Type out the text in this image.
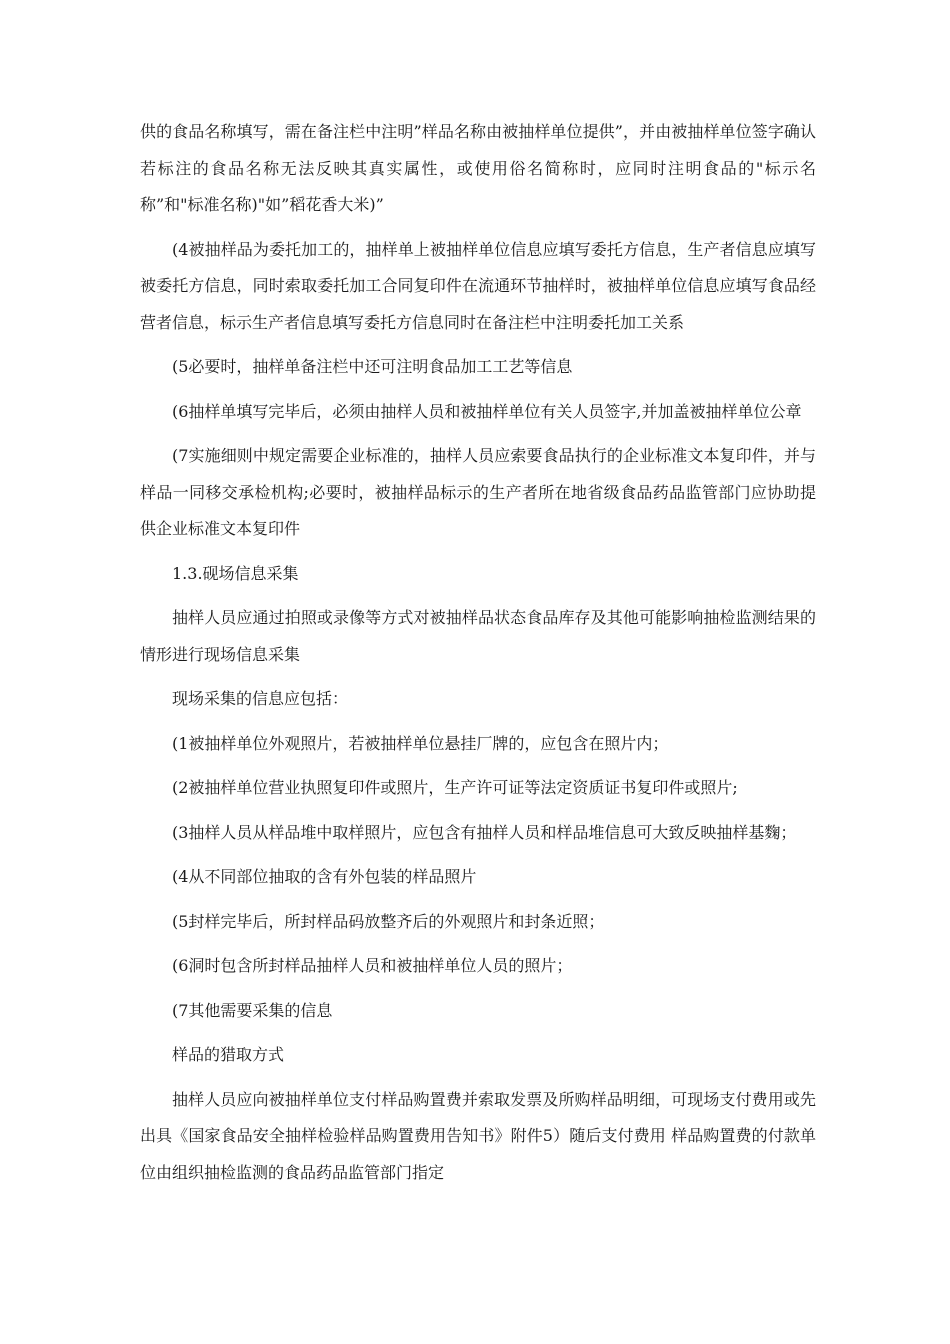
供的食品名称填写，需在备注栏中注明”样品名称由被抽样单位提供”，并由被抽样单位签字确认若标注的食品名称无法反映其真实属性，或使用俗名简称时，应同时注明食品的"标示名称”和"标准名称)"如”稻花香大米)”

(4被抽样品为委托加工的，抽样单上被抽样单位信息应填写委托方信息，生产者信息应填写被委托方信息，同时索取委托加工合同复印件在流通环节抽样时，被抽样单位信息应填写食品经营者信息，标示生产者信息填写委托方信息同时在备注栏中注明委托加工关系

(5必要时，抽样单备注栏中还可注明食品加工工艺等信息

(6抽样单填写完毕后，必须由抽样人员和被抽样单位有关人员签字,并加盖被抽样单位公章

(7实施细则中规定需要企业标准的，抽样人员应索要食品执行的企业标准文本复印件，并与样品一同移交承检机构;必要时，被抽样品标示的生产者所在地省级食品药品监管部门应协助提供企业标准文本复印件

1.3.砚场信息采集

抽样人员应通过拍照或录像等方式对被抽样品状态食品库存及其他可能影响抽检监测结果的情形进行现场信息采集

现场采集的信息应包括：

(1被抽样单位外观照片，若被抽样单位悬挂厂牌的，应包含在照片内；

(2被抽样单位营业执照复印件或照片，生产许可证等法定资质证书复印件或照片;

(3抽样人员从样品堆中取样照片，应包含有抽样人员和样品堆信息可大致反映抽样基麴；

(4从不同部位抽取的含有外包装的样品照片

(5封样完毕后，所封样品码放整齐后的外观照片和封条近照；

(6洞时包含所封样品抽样人员和被抽样单位人员的照片；

(7其他需要采集的信息

样品的猎取方式

抽样人员应向被抽样单位支付样品购置费并索取发票及所购样品明细，可现场支付费用或先出具《国家食品安全抽样检验样品购置费用告知书》附件5）随后支付费用 样品购置费的付款单位由组织抽检监测的食品药品监管部门指定
